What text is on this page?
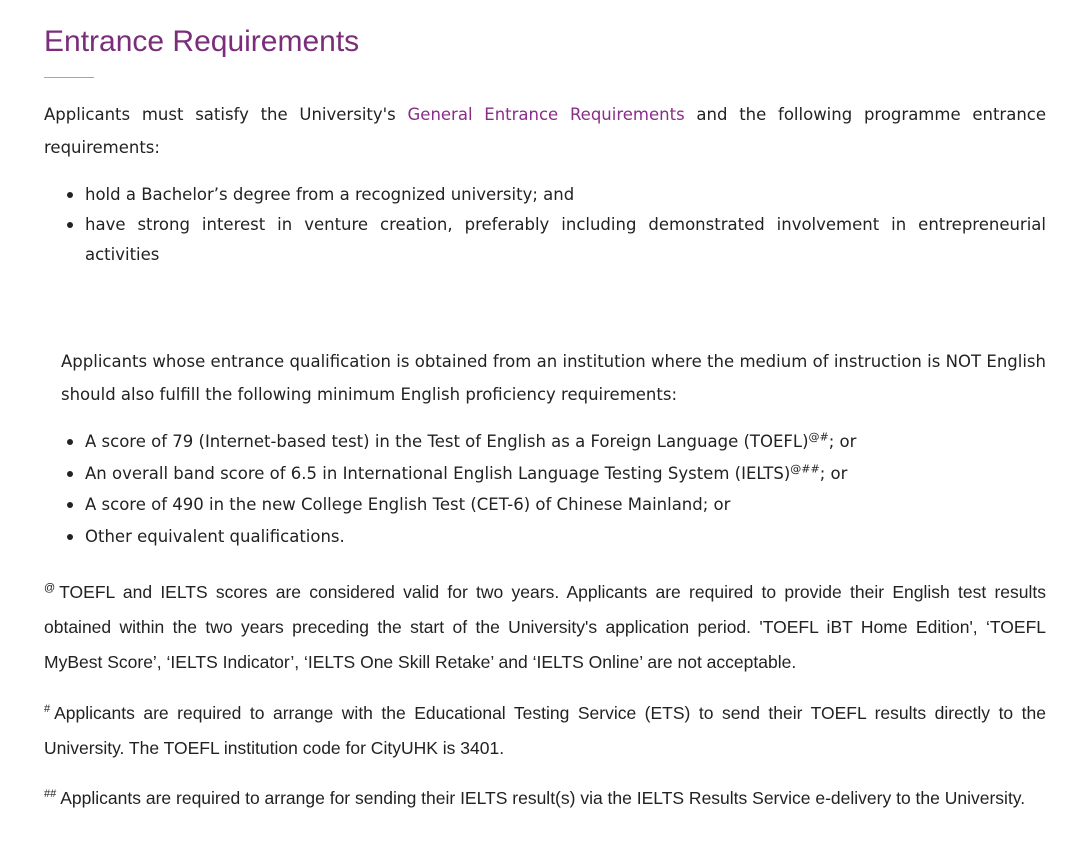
Entrance Requirements

Applicants must satisfy the University's General Entrance Requirements and the following programme entrance requirements:

hold a Bachelor’s degree from a recognized university; and
have strong interest in venture creation, preferably including demonstrated involvement in entrepreneurial activities

Applicants whose entrance qualification is obtained from an institution where the medium of instruction is NOT English should also fulfill the following minimum English proficiency requirements:

A score of 79 (Internet-based test) in the Test of English as a Foreign Language (TOEFL)@#; or
An overall band score of 6.5 in International English Language Testing System (IELTS)@##; or
A score of 490 in the new College English Test (CET-6) of Chinese Mainland; or
Other equivalent qualifications.

@ TOEFL and IELTS scores are considered valid for two years. Applicants are required to provide their English test results obtained within the two years preceding the start of the University's application period. 'TOEFL iBT Home Edition', ‘TOEFL MyBest Score’, ‘IELTS Indicator’, ‘IELTS One Skill Retake’ and ‘IELTS Online’ are not acceptable.

# Applicants are required to arrange with the Educational Testing Service (ETS) to send their TOEFL results directly to the University. The TOEFL institution code for CityUHK is 3401.

## Applicants are required to arrange for sending their IELTS result(s) via the IELTS Results Service e-delivery to the University.
